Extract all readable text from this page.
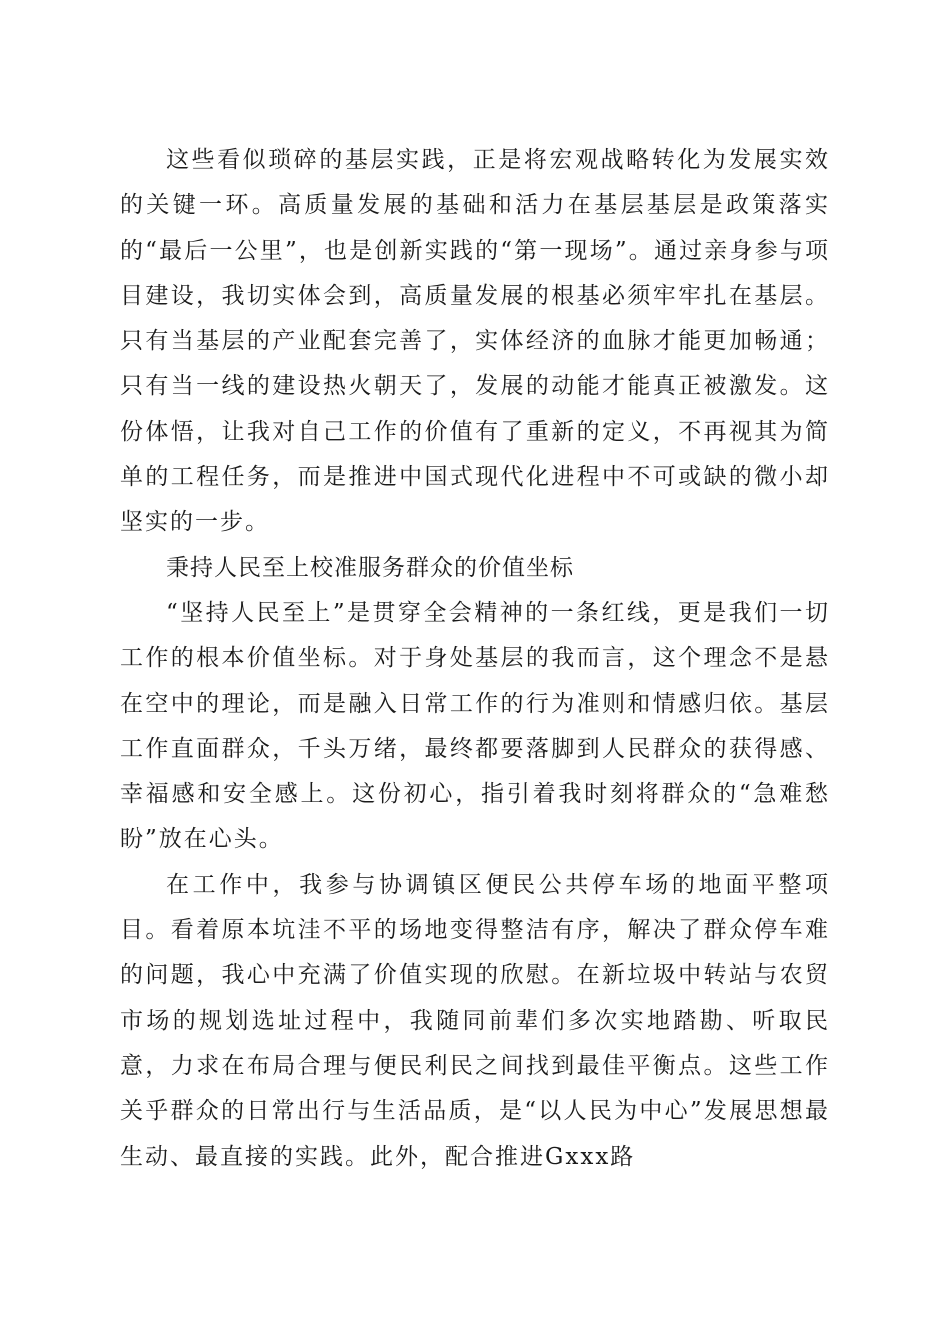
这些看似琐碎的基层实践，正是将宏观战略转化为发展实效的关键一环。高质量发展的基础和活力在基层基层是政策落实的“最后一公里”，也是创新实践的“第一现场”。通过亲身参与项目建设，我切实体会到，高质量发展的根基必须牢牢扎在基层。只有当基层的产业配套完善了，实体经济的血脉才能更加畅通；只有当一线的建设热火朝天了，发展的动能才能真正被激发。这份体悟，让我对自己工作的价值有了重新的定义，不再视其为简单的工程任务，而是推进中国式现代化进程中不可或缺的微小却坚实的一步。

秉持人民至上校准服务群众的价值坐标

“坚持人民至上”是贯穿全会精神的一条红线，更是我们一切工作的根本价值坐标。对于身处基层的我而言，这个理念不是悬在空中的理论，而是融入日常工作的行为准则和情感归依。基层工作直面群众，千头万绪，最终都要落脚到人民群众的获得感、幸福感和安全感上。这份初心，指引着我时刻将群众的“急难愁盼”放在心头。

在工作中，我参与协调镇区便民公共停车场的地面平整项目。看着原本坑洼不平的场地变得整洁有序，解决了群众停车难的问题，我心中充满了价值实现的欣慰。在新垃圾中转站与农贸市场的规划选址过程中，我随同前辈们多次实地踏勘、听取民意，力求在布局合理与便民利民之间找到最佳平衡点。这些工作关乎群众的日常出行与生活品质，是“以人民为中心”发展思想最生动、最直接的实践。此外，配合推进Gxxx路
